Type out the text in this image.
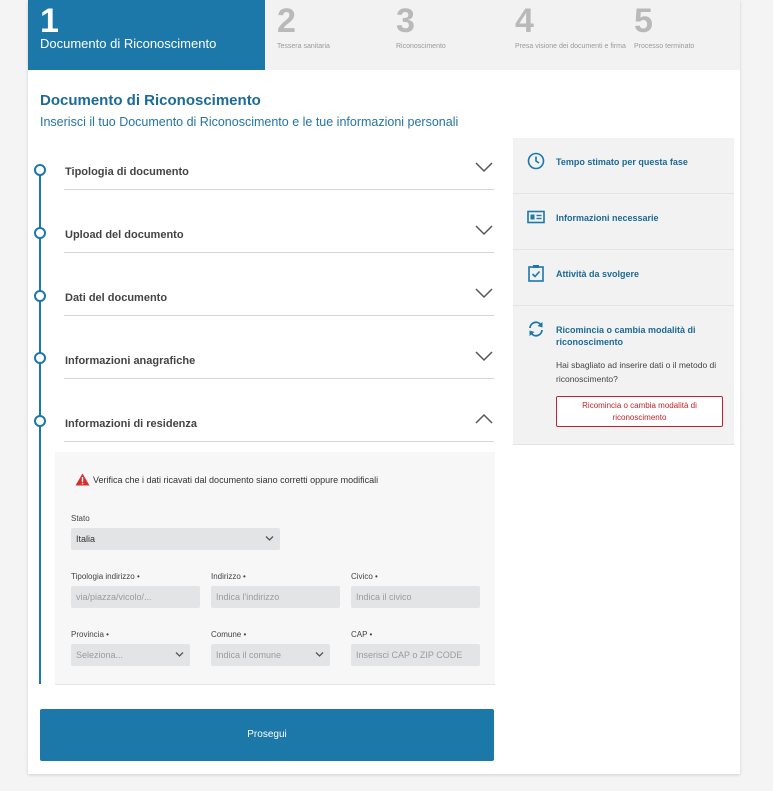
1
Documento di Riconoscimento
2
Tessera sanitaria
3
Riconoscimento
4
Presa visione dei documenti e firma
5
Processo terminato
Documento di Riconoscimento
Inserisci il tuo Documento di Riconoscimento e le tue informazioni personali
Tipologia di documento
Upload del documento
Dati del documento
Informazioni anagrafiche
Informazioni di residenza
Verifica che i dati ricavati dal documento siano corretti oppure modificali
Stato
Italia
Tipologia indirizzo •
via/piazza/vicolo/...
Indirizzo •
Indica l'indirizzo
Civico •
Indica il civico
Provincia •
Seleziona...
Comune •
Indica il comune
CAP •
Inserisci CAP o ZIP CODE
Tempo stimato per questa fase
Informazioni necessarie
Attività da svolgere
Ricomincia o cambia modalità di riconoscimento
Hai sbagliato ad inserire dati o il metodo di riconoscimento?
Ricomincia o cambia modalità di riconoscimento
Prosegui
